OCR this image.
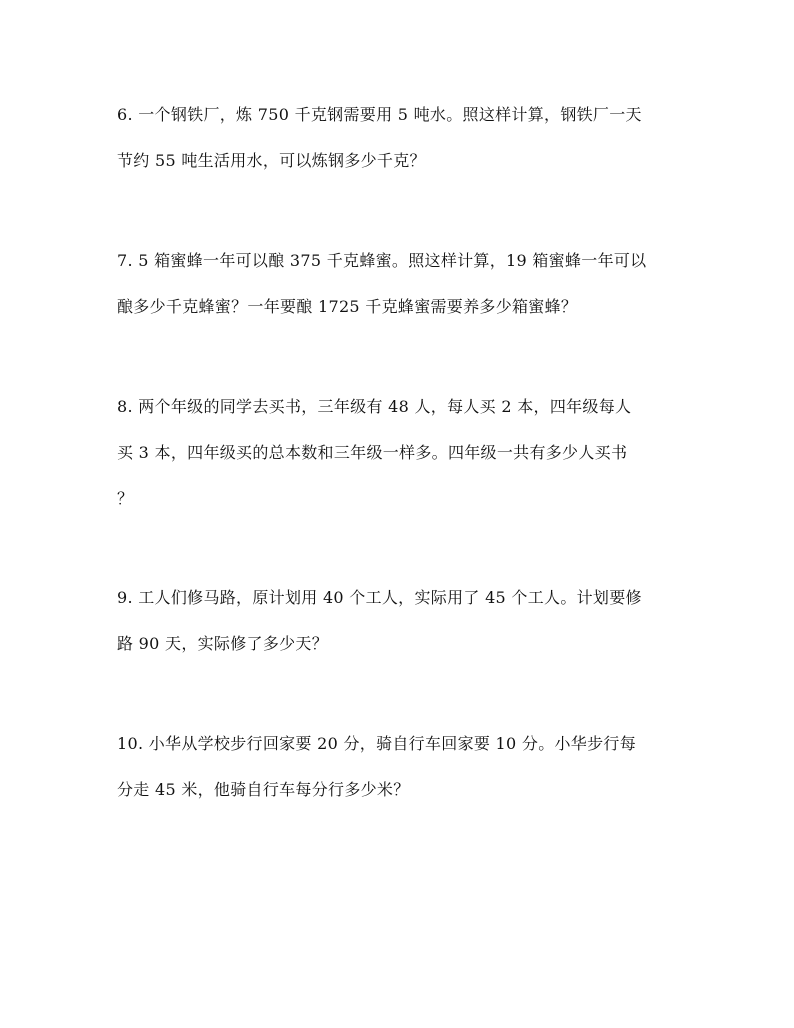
6. 一个钢铁厂，炼 750 千克钢需要用 5 吨水。照这样计算，钢铁厂一天
节约 55 吨生活用水，可以炼钢多少千克？
7. 5 箱蜜蜂一年可以酿 375 千克蜂蜜。照这样计算，19 箱蜜蜂一年可以
酿多少千克蜂蜜？一年要酿 1725 千克蜂蜜需要养多少箱蜜蜂？
8. 两个年级的同学去买书，三年级有 48 人，每人买 2 本，四年级每人
买 3 本，四年级买的总本数和三年级一样多。四年级一共有多少人买书
？
9. 工人们修马路，原计划用 40 个工人，实际用了 45 个工人。计划要修
路 90 天，实际修了多少天？
10. 小华从学校步行回家要 20 分，骑自行车回家要 10 分。小华步行每
分走 45 米，他骑自行车每分行多少米？
